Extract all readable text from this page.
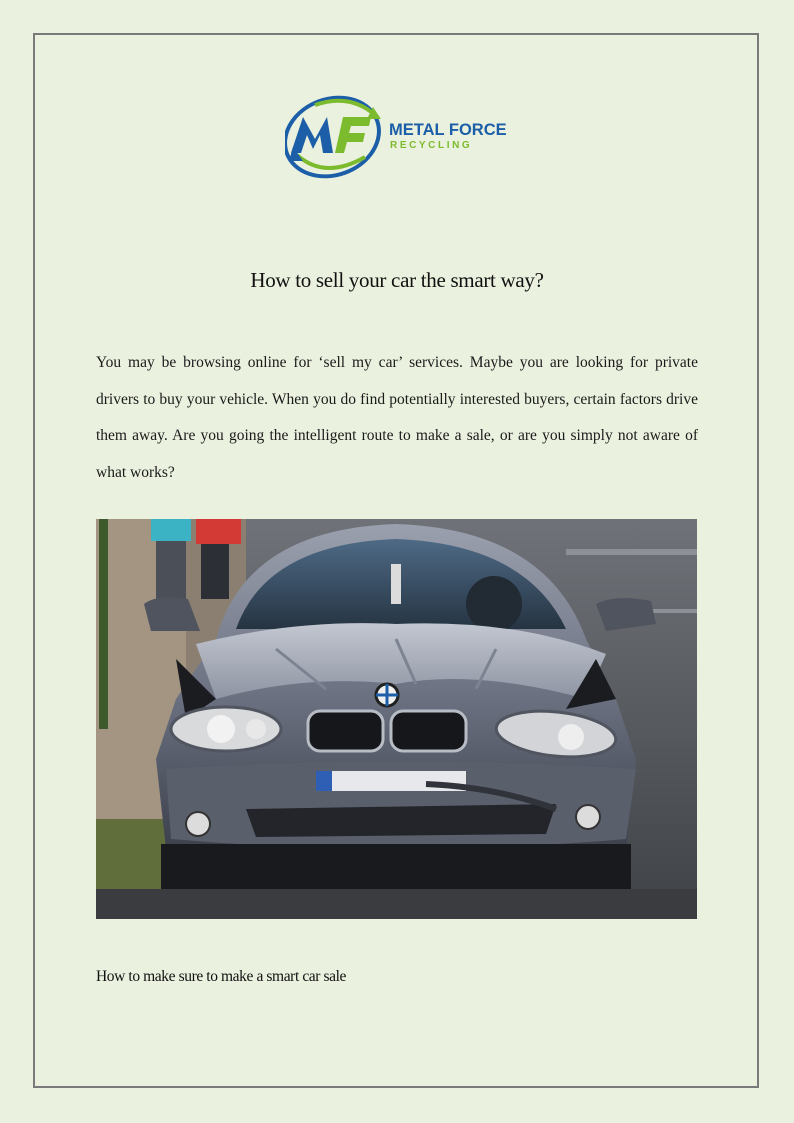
METAL FORCE
RECYCLING
MF
How to sell your car the smart way?

You may be browsing online for ‘sell my car’ services. Maybe you are looking for private drivers to buy your vehicle. When you do find potentially interested buyers, certain factors drive them away. Are you going the intelligent route to make a sale, or are you simply not aware of what works?

How to make sure to make a smart car sale
